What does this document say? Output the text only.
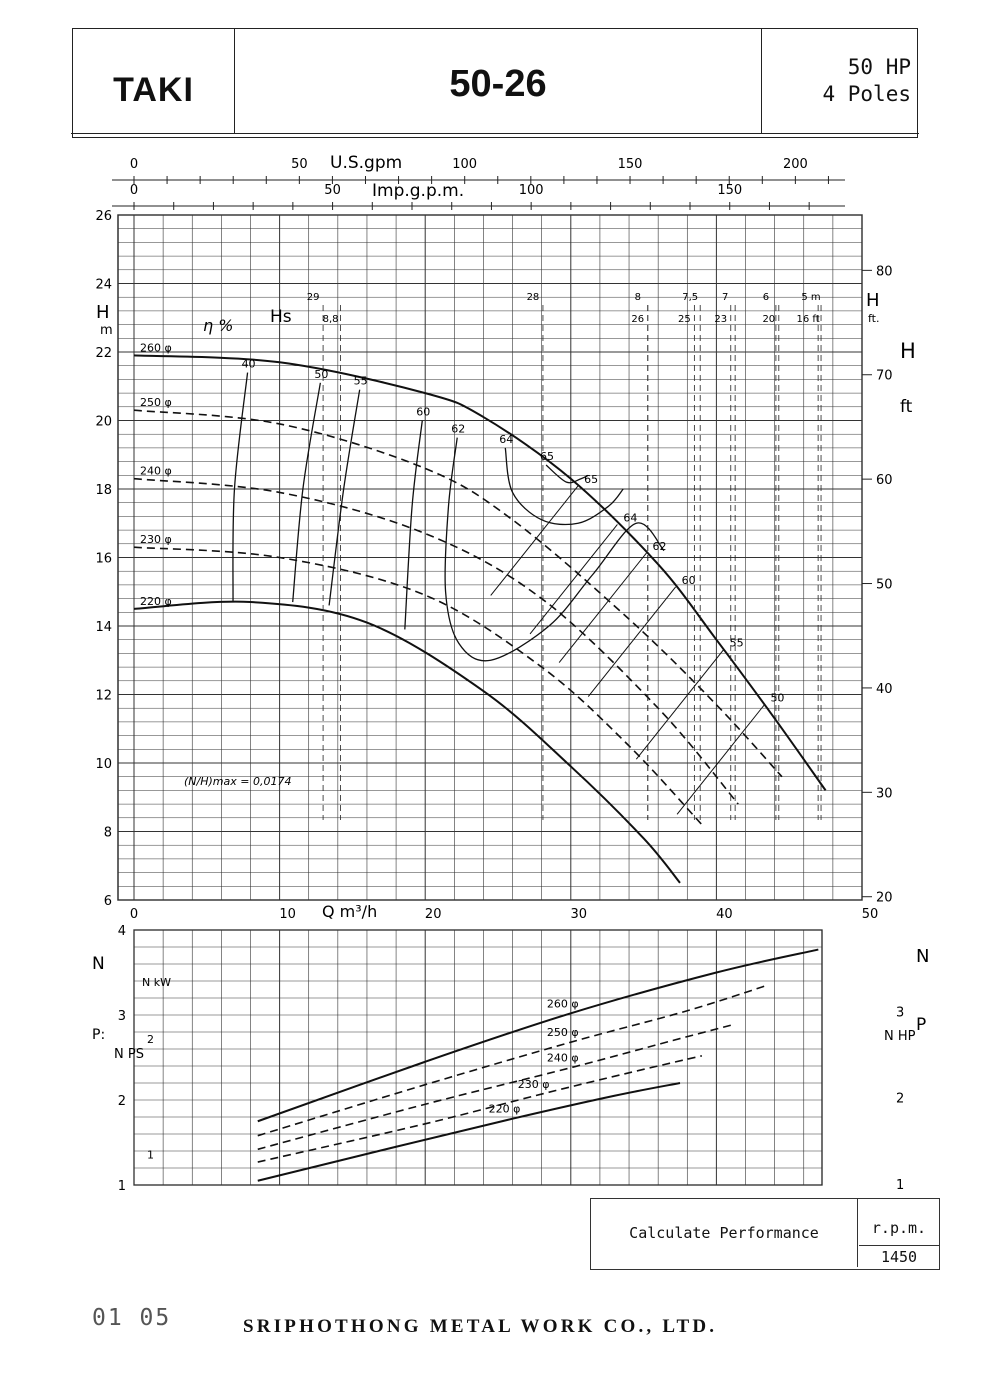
TAKI	50-26	50 HP
4 Poles
U.S.gpm
Imp.g.p.m.
Q m³/h
H
m
H
ft.
H
ft
η % Hs
(N/H)max = 0,0174
N
P:
N kW
N PS
N
P
N HP
6
8
10
12
14
16
18
20
22
24
26
0	10	20	30	40	50
20
30
40
50
60
70
80
0	50	100	150	200
0	50	100	150
1
2
3
4
1
2
1
2
3
260 φ
250 φ
240 φ
230 φ
220 φ
40
50
55
60
62
64
65
65
64
62
60
55
50
29
8,8
28
26
8
25
7,5
23
7
20
6
16 ft
5 m
260 φ
250 φ
240 φ
230 φ
220 φ
Calculate Performance	r.p.m.
1450
01 05	SRIPHOTHONG METAL WORK CO., LTD.
